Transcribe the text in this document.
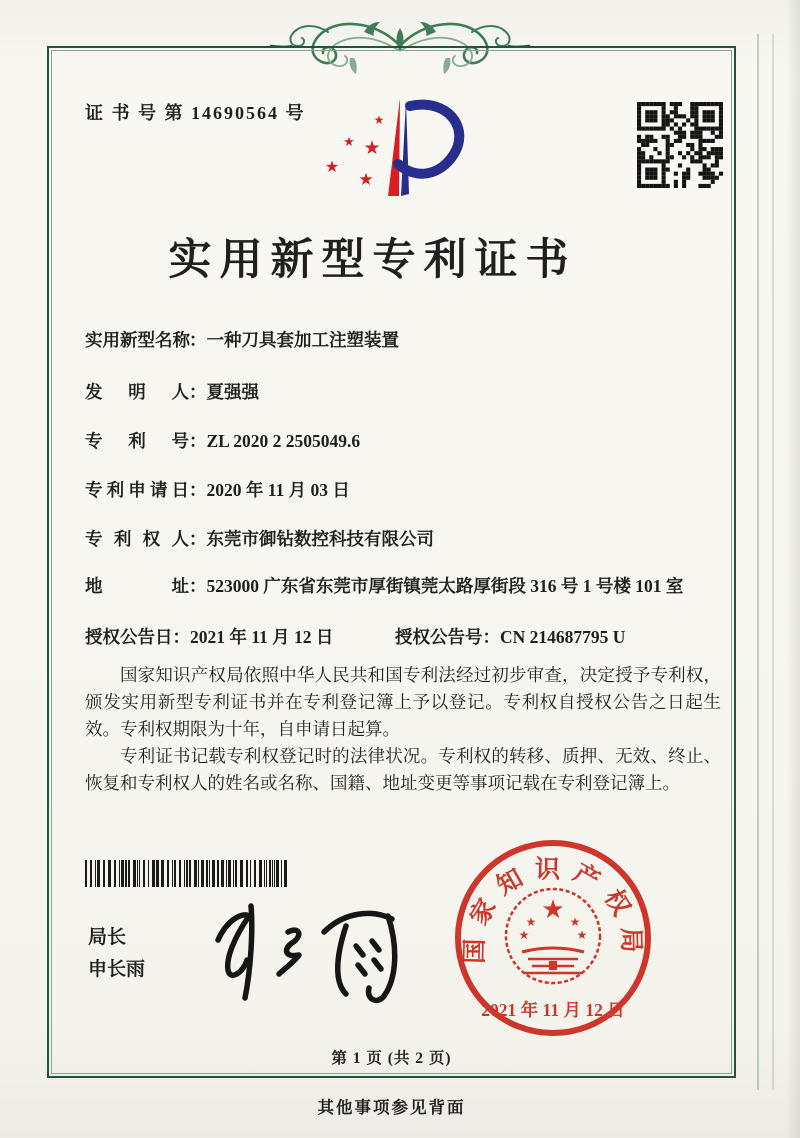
证 书 号 第 14690564 号
★
★ ★
★
★
实用新型专利证书
实 用 新 型 名 称 ：一种刀具套加工注塑装置
发 明 人 ：夏强强
专 利 号 ：ZL 2020 2 2505049.6
专 利 申 请 日 ：2020 年 11 月 03 日
专 利 权 人 ：东莞市御钻数控科技有限公司
地	址 ：523000 广东省东莞市厚街镇莞太路厚街段 316 号 1 号楼 101 室
授权公告日：2021 年 11 月 12 日	授权公告号：CN 214687795 U

国家知识产权局依照中华人民共和国专利法经过初步审查，决定授予专利权，颁发实用新型专利证书并在专利登记簿上予以登记。专利权自授权公告之日起生效。专利权期限为十年，自申请日起算。

专利证书记载专利权登记时的法律状况。专利权的转移、质押、无效、终止、恢复和专利权人的姓名或名称、国籍、地址变更等事项记载在专利登记簿上。

局长
申长雨
国家知识产权局
★
★	★
★	★
2021 年 11 月 12 日
第 1 页 (共 2 页)
其他事项参见背面
